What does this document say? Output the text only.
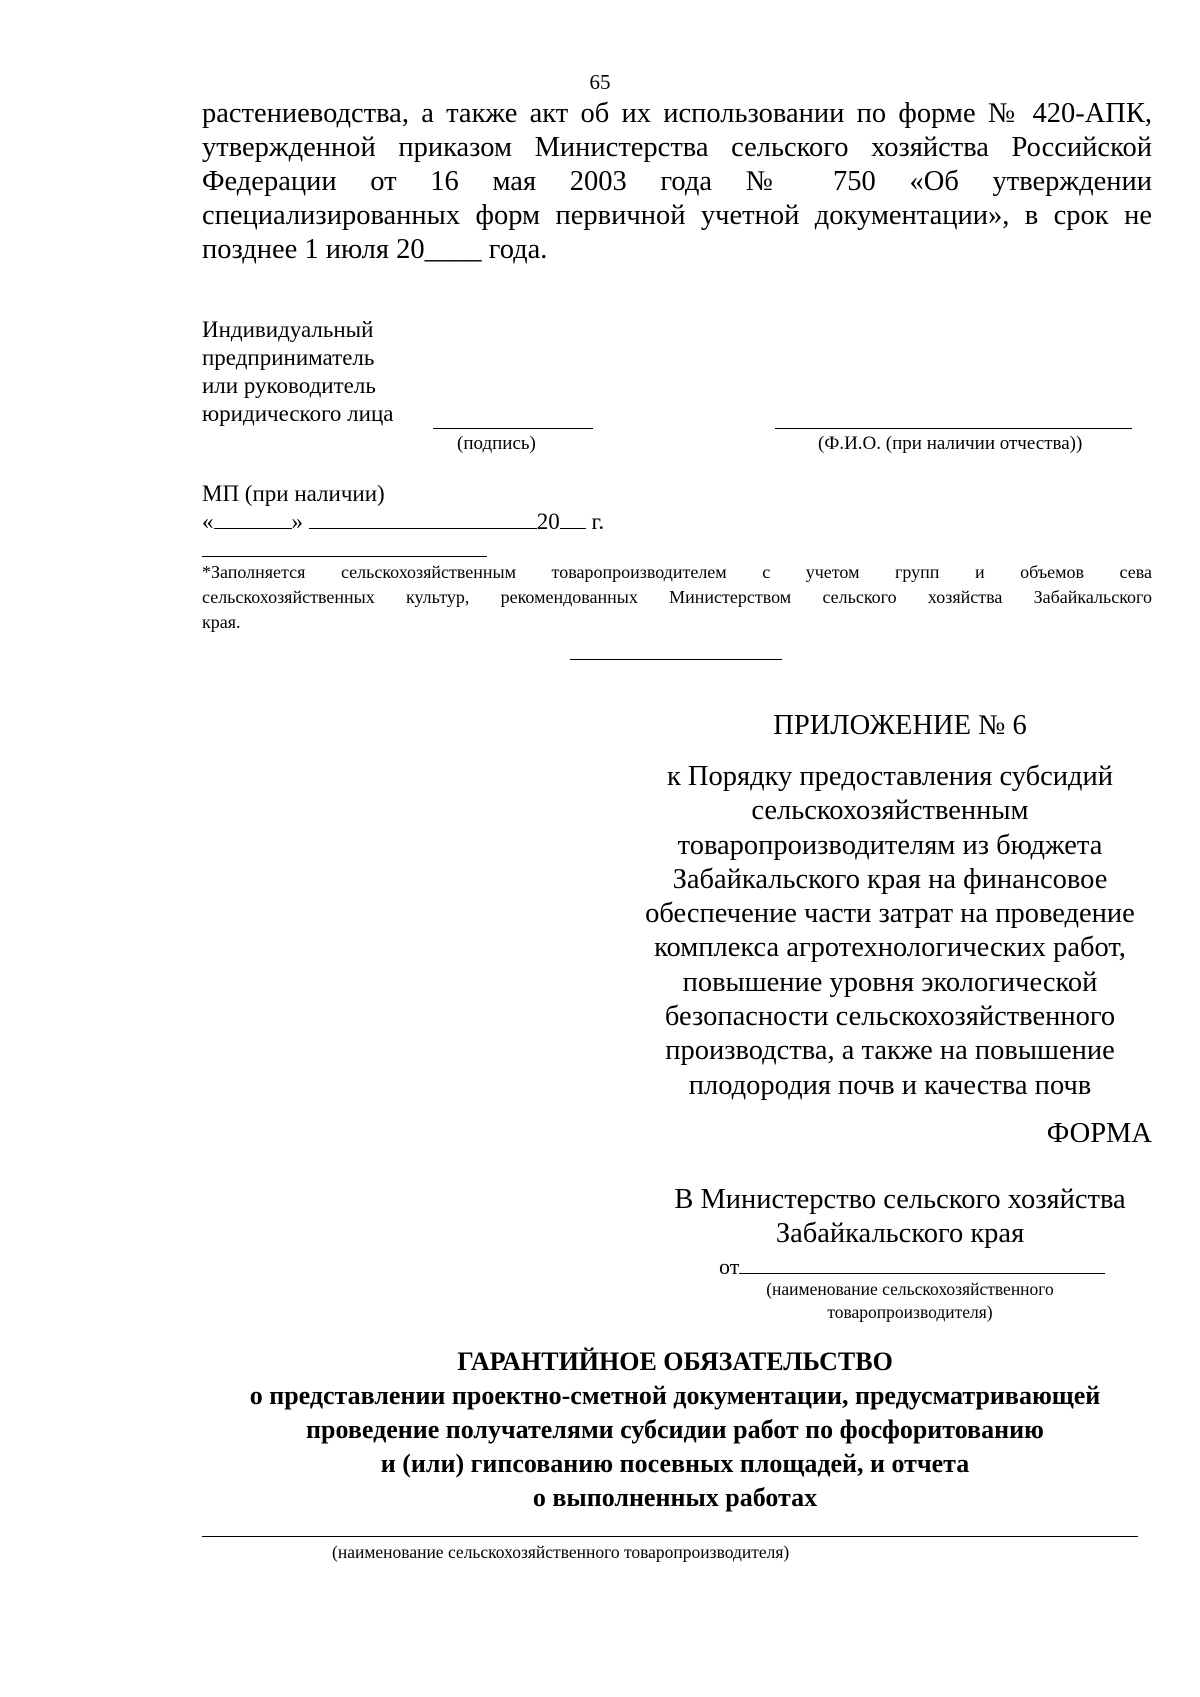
65
растениеводства, а также акт об их использовании по форме № 420-АПК,
утвержденной приказом Министерства сельского хозяйства Российской
Федерации от 16 мая 2003 года № 750 «Об утверждении
специализированных форм первичной учетной документации», в срок не
позднее 1 июля 20____ года.
Индивидуальный
предприниматель
или руководитель
юридического лица
(подпись)	(Ф.И.О. (при наличии отчества))
МП (при наличии)
«	»	20 г.
*Заполняется сельскохозяйственным товаропроизводителем с учетом групп и объемов сева
сельскохозяйственных культур, рекомендованных Министерством сельского хозяйства Забайкальского
края.
ПРИЛОЖЕНИЕ № 6
к Порядку предоставления субсидий
сельскохозяйственным
товаропроизводителям из бюджета
Забайкальского края на финансовое
обеспечение части затрат на проведение
комплекса агротехнологических работ,
повышение уровня экологической
безопасности сельскохозяйственного
производства, а также на повышение
плодородия почв и качества почв
ФОРМА
В Министерство сельского хозяйства
Забайкальского края
от
(наименование сельскохозяйственного
товаропроизводителя)
ГАРАНТИЙНОЕ ОБЯЗАТЕЛЬСТВО
о представлении проектно-сметной документации, предусматривающей
проведение получателями субсидии работ по фосфоритованию
и (или) гипсованию посевных площадей, и отчета
о выполненных работах
(наименование сельскохозяйственного товаропроизводителя)
